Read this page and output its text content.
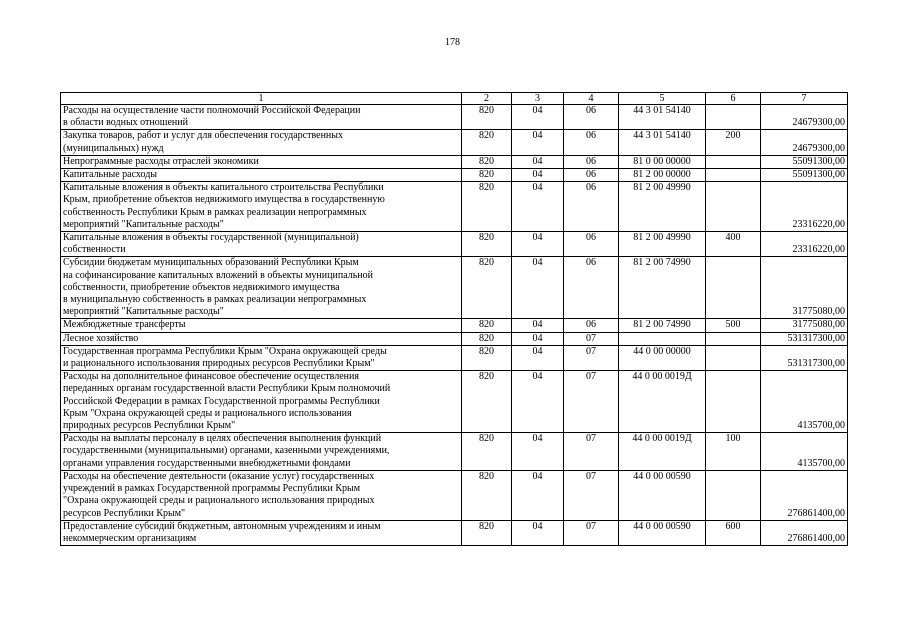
178
1	2	3	4	5	6	7
Расходы на осуществление части полномочий Российской Федерации
в области водных отношений	820	04	06	44 3 01 54140		24679300,00
Закупка товаров, работ и услуг для обеспечения государственных
(муниципальных) нужд	820	04	06	44 3 01 54140	200	24679300,00
Непрограммные расходы отраслей экономики	820	04	06	81 0 00 00000		55091300,00
Капитальные расходы	820	04	06	81 2 00 00000		55091300,00
Капитальные вложения в объекты капитального строительства Республики
Крым, приобретение объектов недвижимого имущества в государственную
собственность Республики Крым в рамках реализации непрограммных
мероприятий "Капитальные расходы"	820	04	06	81 2 00 49990		23316220,00
Капитальные вложения в объекты государственной (муниципальной)
собственности	820	04	06	81 2 00 49990	400	23316220,00
Субсидии бюджетам муниципальных образований Республики Крым
на софинансирование капитальных вложений в объекты муниципальной
собственности, приобретение объектов недвижимого имущества
в муниципальную собственность в рамках реализации непрограммных
мероприятий "Капитальные расходы"	820	04	06	81 2 00 74990		31775080,00
Межбюджетные трансферты	820	04	06	81 2 00 74990	500	31775080,00
Лесное хозяйство	820	04	07			531317300,00
Государственная программа Республики Крым "Охрана окружающей среды
и рационального использования природных ресурсов Республики Крым"	820	04	07	44 0 00 00000		531317300,00
Расходы на дополнительное финансовое обеспечение осуществления
переданных органам государственной власти Республики Крым полномочий
Российской Федерации в рамках Государственной программы Республики
Крым "Охрана окружающей среды и рационального использования
природных ресурсов Республики Крым"	820	04	07	44 0 00 0019Д		4135700,00
Расходы на выплаты персоналу в целях обеспечения выполнения функций
государственными (муниципальными) органами, казенными учреждениями,
органами управления государственными внебюджетными фондами	820	04	07	44 0 00 0019Д	100	4135700,00
Расходы на обеспечение деятельности (оказание услуг) государственных
учреждений в рамках Государственной программы Республики Крым
"Охрана окружающей среды и рационального использования природных
ресурсов Республики Крым"	820	04	07	44 0 00 00590		276861400,00
Предоставление субсидий бюджетным, автономным учреждениям и иным
некоммерческим организациям	820	04	07	44 0 00 00590	600	276861400,00
